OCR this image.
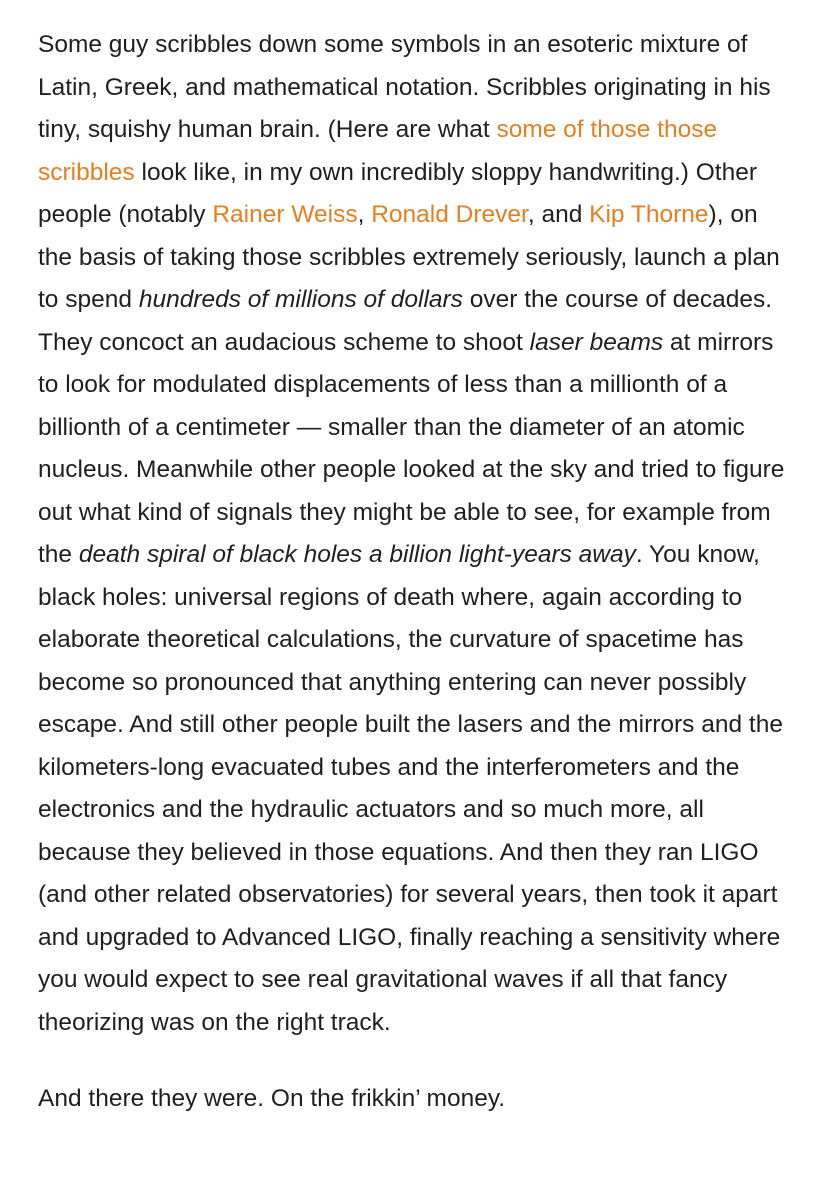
Some guy scribbles down some symbols in an esoteric mixture of Latin, Greek, and mathematical notation. Scribbles originating in his tiny, squishy human brain. (Here are what some of those those scribbles look like, in my own incredibly sloppy handwriting.) Other people (notably Rainer Weiss, Ronald Drever, and Kip Thorne), on the basis of taking those scribbles extremely seriously, launch a plan to spend hundreds of millions of dollars over the course of decades. They concoct an audacious scheme to shoot laser beams at mirrors to look for modulated displacements of less than a millionth of a billionth of a centimeter — smaller than the diameter of an atomic nucleus. Meanwhile other people looked at the sky and tried to figure out what kind of signals they might be able to see, for example from the death spiral of black holes a billion light-years away. You know, black holes: universal regions of death where, again according to elaborate theoretical calculations, the curvature of spacetime has become so pronounced that anything entering can never possibly escape. And still other people built the lasers and the mirrors and the kilometers-long evacuated tubes and the interferometers and the electronics and the hydraulic actuators and so much more, all because they believed in those equations. And then they ran LIGO (and other related observatories) for several years, then took it apart and upgraded to Advanced LIGO, finally reaching a sensitivity where you would expect to see real gravitational waves if all that fancy theorizing was on the right track.

And there they were. On the frikkin’ money.
